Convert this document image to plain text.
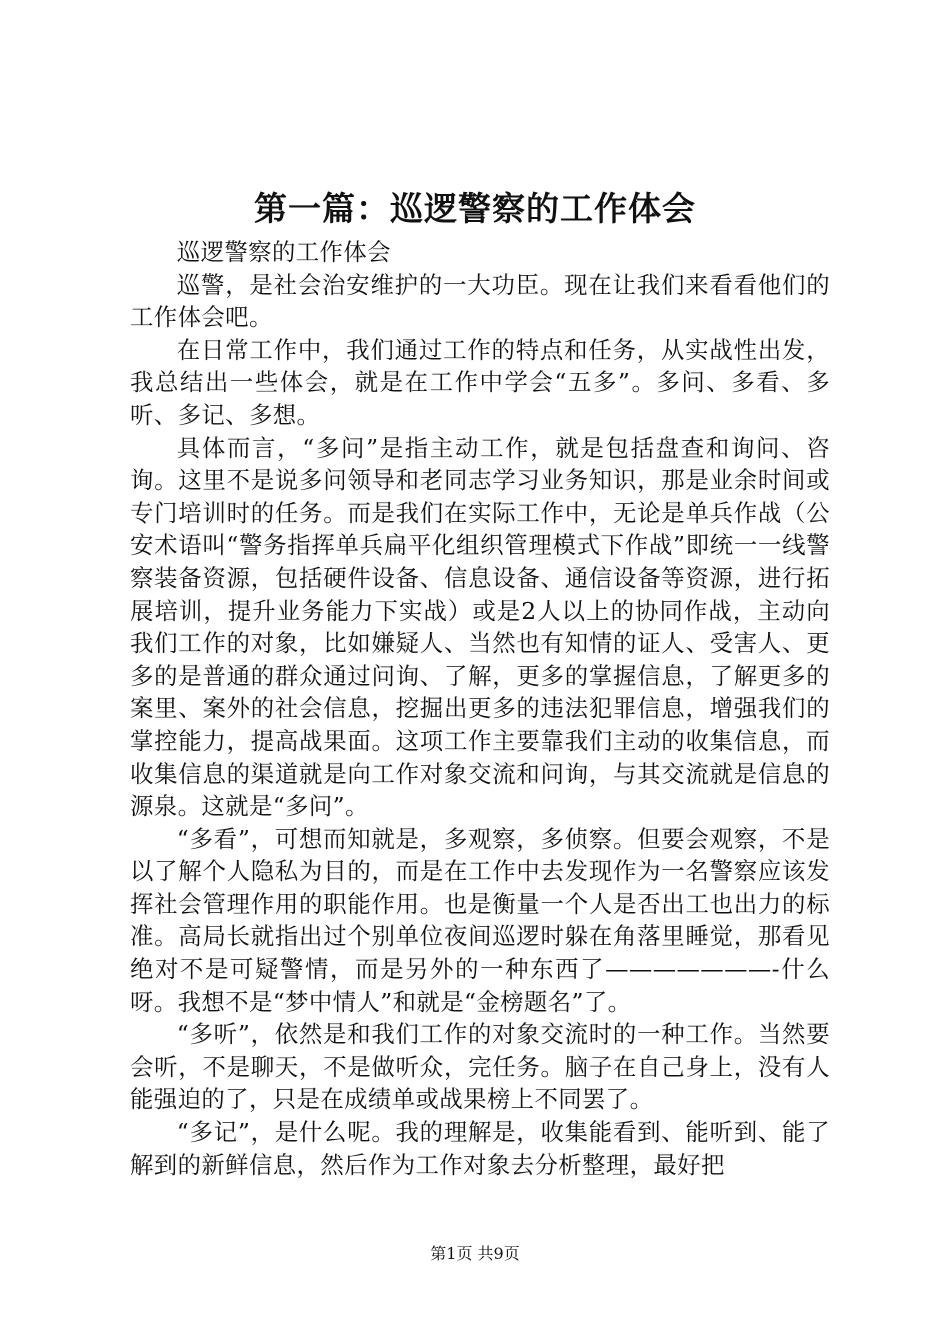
第一篇：巡逻警察的工作体会

巡逻警察的工作体会

巡警，是社会治安维护的一大功臣。现在让我们来看看他们的工作体会吧。

在日常工作中，我们通过工作的特点和任务，从实战性出发，我总结出一些体会，就是在工作中学会“五多”。多问、多看、多听、多记、多想。

具体而言，“多问”是指主动工作，就是包括盘查和询问、咨询。这里不是说多问领导和老同志学习业务知识，那是业余时间或专门培训时的任务。而是我们在实际工作中，无论是单兵作战（公安术语叫“警务指挥单兵扁平化组织管理模式下作战”即统一一线警察装备资源，包括硬件设备、信息设备、通信设备等资源，进行拓展培训，提升业务能力下实战）或是2人以上的协同作战，主动向我们工作的对象，比如嫌疑人、当然也有知情的证人、受害人、更多的是普通的群众通过问询、了解，更多的掌握信息，了解更多的案里、案外的社会信息，挖掘出更多的违法犯罪信息，增强我们的掌控能力，提高战果面。这项工作主要靠我们主动的收集信息，而收集信息的渠道就是向工作对象交流和问询，与其交流就是信息的源泉。这就是“多问”。

“多看”，可想而知就是，多观察，多侦察。但要会观察，不是以了解个人隐私为目的，而是在工作中去发现作为一名警察应该发挥社会管理作用的职能作用。也是衡量一个人是否出工也出力的标准。高局长就指出过个别单位夜间巡逻时躲在角落里睡觉，那看见绝对不是可疑警情，而是另外的一种东西了———————-什么呀。我想不是“梦中情人”和就是“金榜题名”了。

“多听”，依然是和我们工作的对象交流时的一种工作。当然要会听，不是聊天，不是做听众，完任务。脑子在自己身上，没有人能强迫的了，只是在成绩单或战果榜上不同罢了。

“多记”，是什么呢。我的理解是，收集能看到、能听到、能了解到的新鲜信息，然后作为工作对象去分析整理，最好把

第1页 共9页
